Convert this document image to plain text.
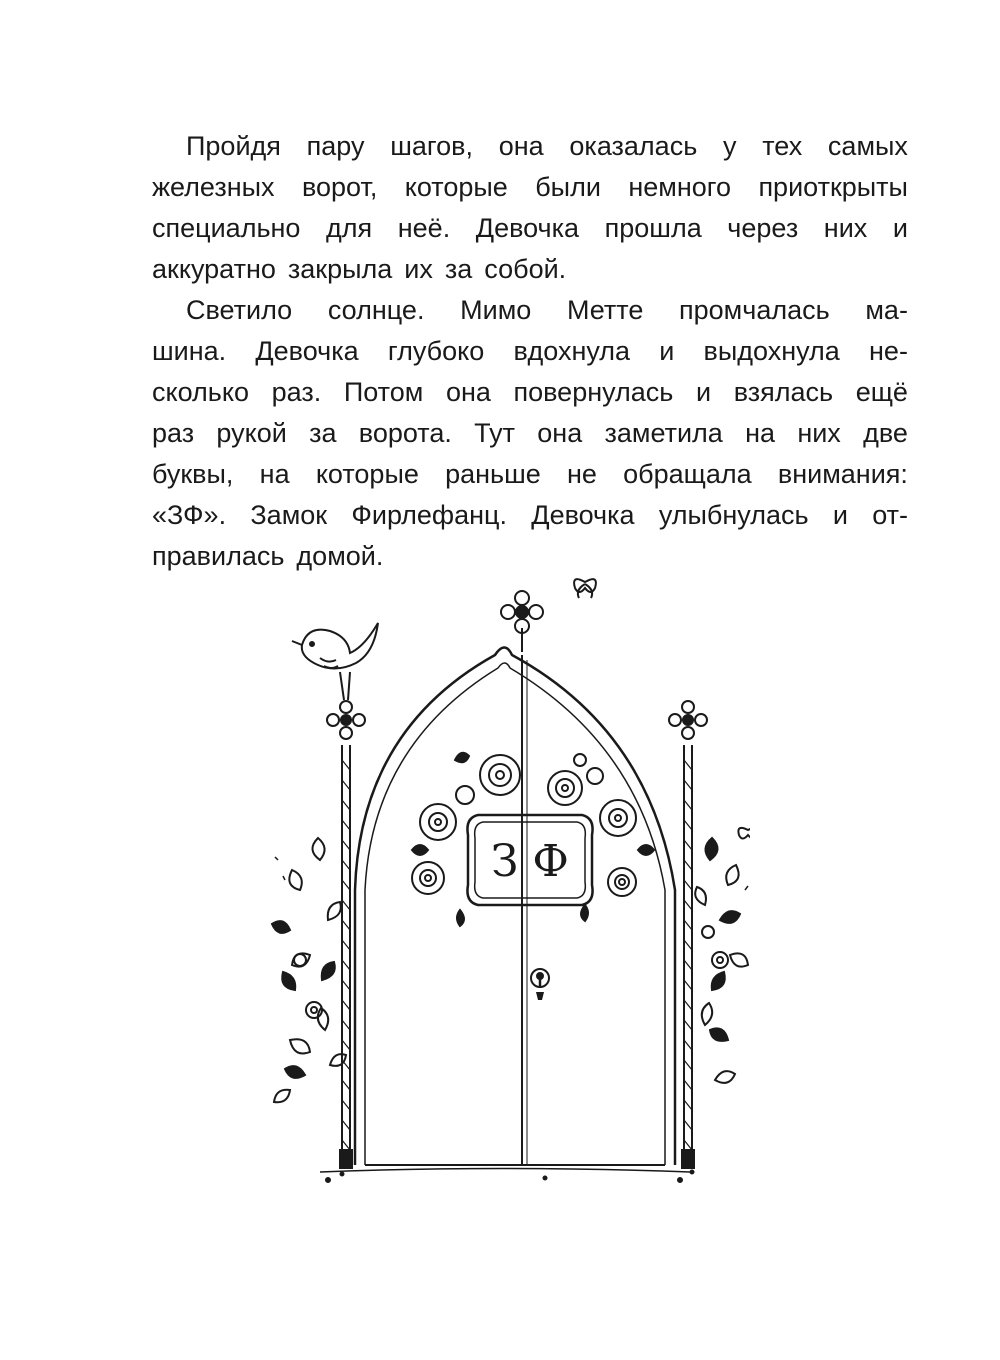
Пройдя пару шагов, она оказалась у тех самых
железных ворот, которые были немного приоткрыты
специально для неё. Девочка прошла через них и
аккуратно закрыла их за собой.
Светило солнце. Мимо Метте промчалась ма-
шина. Девочка глубоко вдохнула и выдохнула не-
сколько раз. Потом она повернулась и взялась ещё
раз рукой за ворота. Тут она заметила на них две
буквы, на которые раньше не обращала внимания:
«ЗФ». Замок Фирлефанц. Девочка улыбнулась и от-
правилась домой.
З Ф
